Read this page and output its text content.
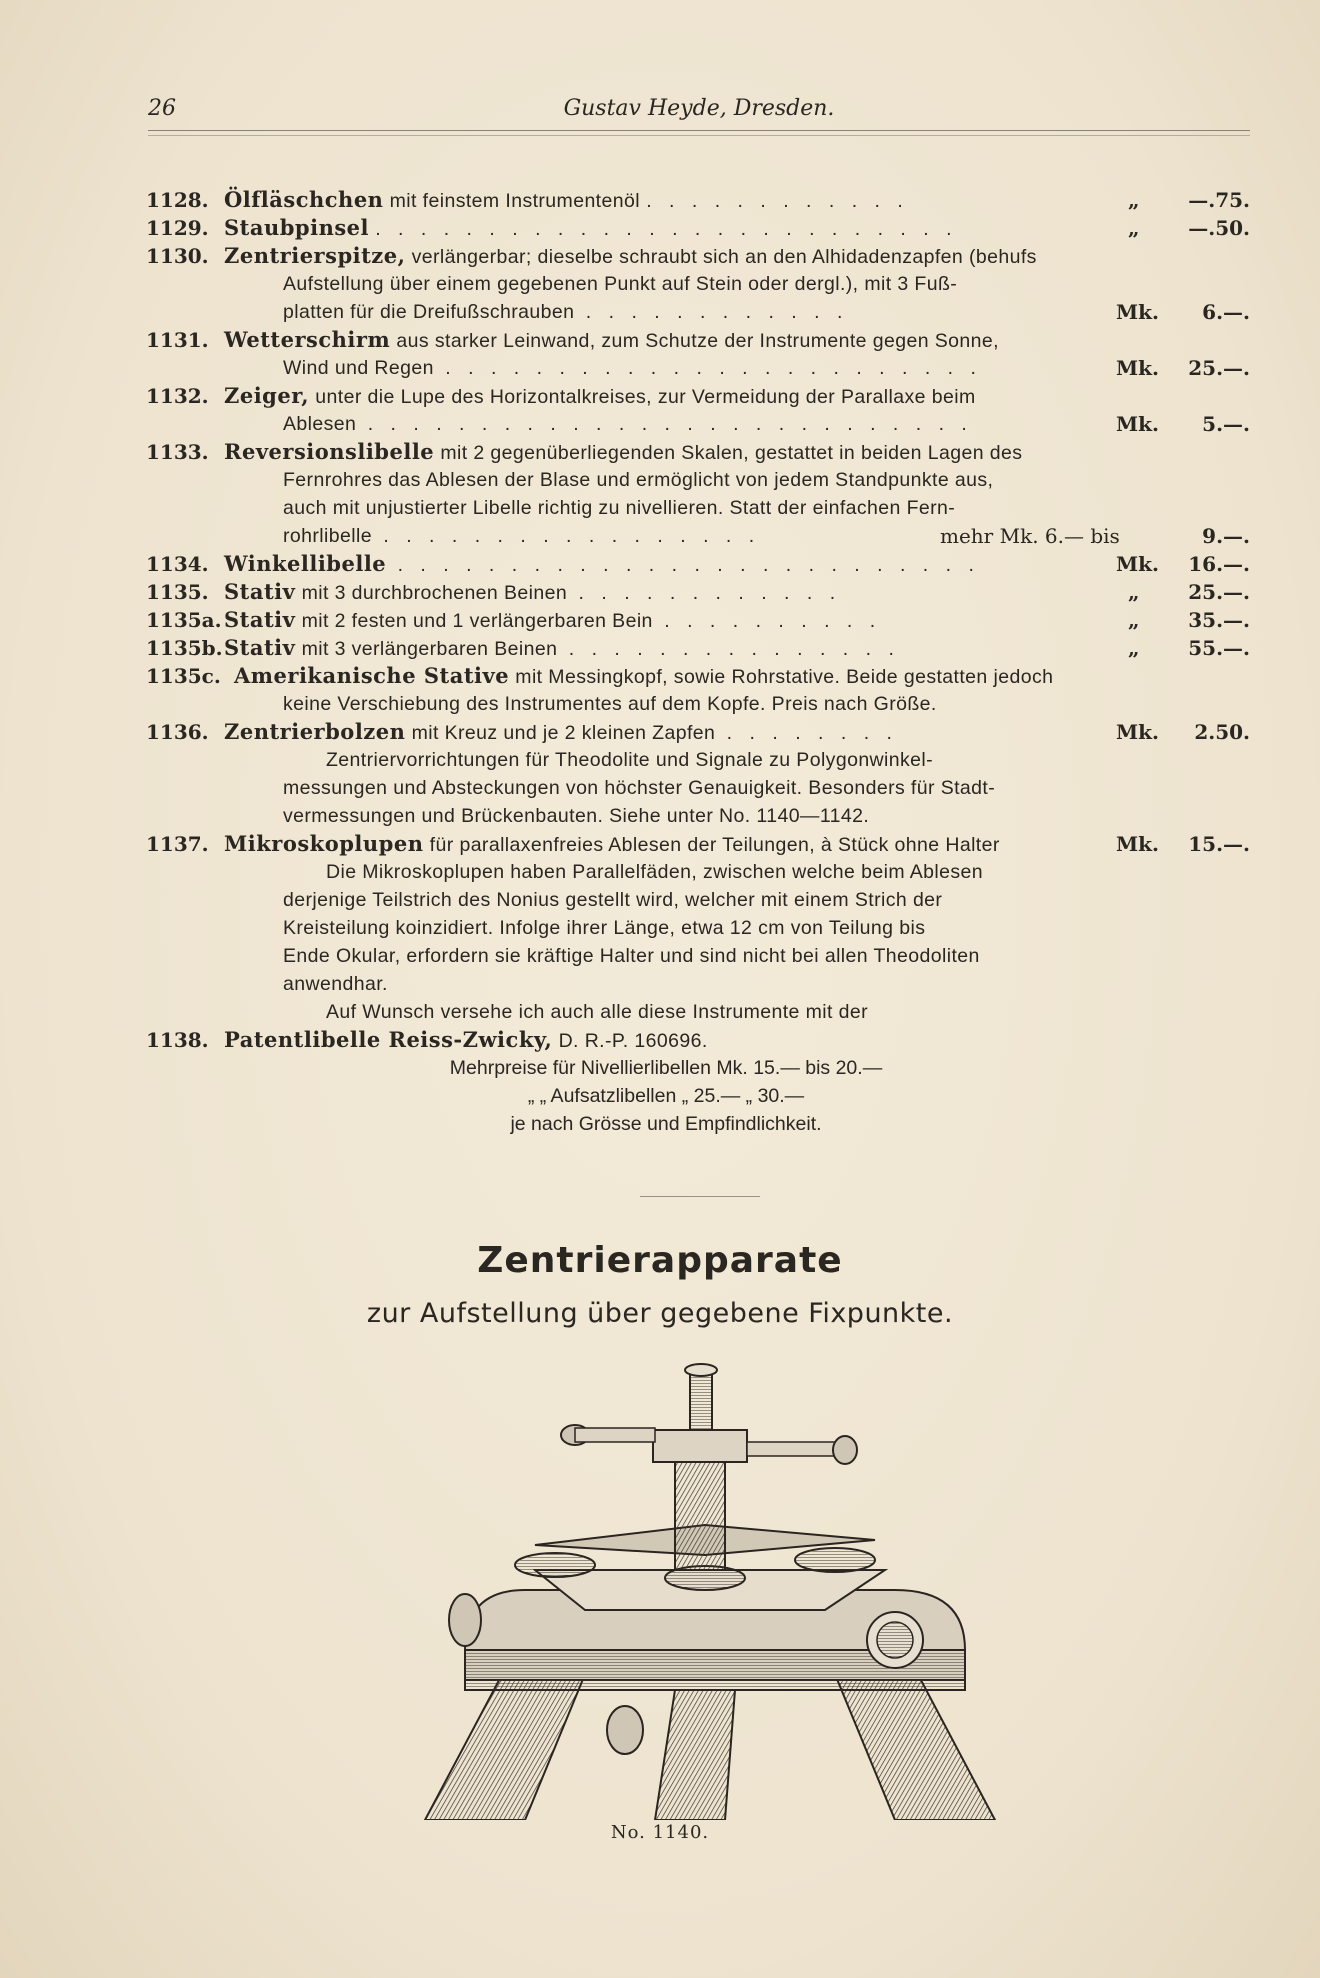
26	Gustav Heyde, Dresden.
1128. Ölfläschchen mit feinstem Instrumentenöl . . . . . . . . . . . .	„ —.75.
1129. Staubpinsel . . . . . . . . . . . . . . . . . . . . . . . . . .	„ —.50.
1130. Zentrierspitze, verlängerbar; dieselbe schraubt sich an den Alhidadenzapfen (behufs
Aufstellung über einem gegebenen Punkt auf Stein oder dergl.), mit 3 Fuß-
platten für die Dreifußschrauben . . . . . . . . . . . .	Mk. 6.—.
1131. Wetterschirm aus starker Leinwand, zum Schutze der Instrumente gegen Sonne,
Wind und Regen . . . . . . . . . . . . . . . . . . . . . . . .	Mk. 25.—.
1132. Zeiger, unter die Lupe des Horizontalkreises, zur Vermeidung der Parallaxe beim
Ablesen . . . . . . . . . . . . . . . . . . . . . . . . . . .	Mk. 5.—.
1133. Reversionslibelle mit 2 gegenüberliegenden Skalen, gestattet in beiden Lagen des
Fernrohres das Ablesen der Blase und ermöglicht von jedem Standpunkte aus,
auch mit unjustierter Libelle richtig zu nivellieren. Statt der einfachen Fern-
rohrlibelle . . . . . . . . . . . . . . . . .	mehr Mk. 6.— bis	9.—.
1134. Winkellibelle . . . . . . . . . . . . . . . . . . . . . . . . . .	Mk. 16.—.
1135. Stativ mit 3 durchbrochenen Beinen . . . . . . . . . . . .	„ 25.—.
1135a. Stativ mit 2 festen und 1 verlängerbaren Bein . . . . . . . . . .	„ 35.—.
1135b.Stativ mit 3 verlängerbaren Beinen . . . . . . . . . . . . . . .	„ 55.—.
1135c. Amerikanische Stative mit Messingkopf, sowie Rohrstative. Beide gestatten jedoch
keine Verschiebung des Instrumentes auf dem Kopfe. Preis nach Größe.
1136. Zentrierbolzen mit Kreuz und je 2 kleinen Zapfen . . . . . . . .	Mk. 2.50.
Zentriervorrichtungen für Theodolite und Signale zu Polygonwinkel-
messungen und Absteckungen von höchster Genauigkeit. Besonders für Stadt-
vermessungen und Brückenbauten. Siehe unter No. 1140—1142.
1137. Mikroskoplupen für parallaxenfreies Ablesen der Teilungen, à Stück ohne Halter	Mk. 15.—.
Die Mikroskoplupen haben Parallelfäden, zwischen welche beim Ablesen
derjenige Teilstrich des Nonius gestellt wird, welcher mit einem Strich der
Kreisteilung koinzidiert. Infolge ihrer Länge, etwa 12 cm von Teilung bis
Ende Okular, erfordern sie kräftige Halter und sind nicht bei allen Theodoliten
anwendhar.
Auf Wunsch versehe ich auch alle diese Instrumente mit der
1138. Patentlibelle Reiss-Zwicky, D. R.-P. 160696.
Mehrpreise für Nivellierlibellen Mk. 15.— bis 20.—
„ „ Aufsatzlibellen „ 25.— „ 30.—
je nach Grösse und Empfindlichkeit.
Zentrierapparate
zur Aufstellung über gegebene Fixpunkte.
No. 1140.
